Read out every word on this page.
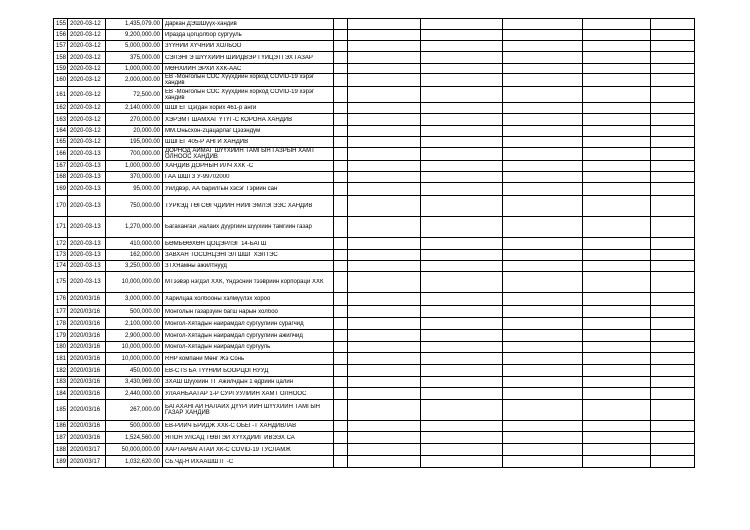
155	2020-03-12	1,435,079.00	Даркан ДЭШШүүх-хандив						

156	2020-03-12	9,200,000.00	Иразда цогцолбор сургууль						

157	2020-03-12	5,000,000.00	ЗҮҮНИЙ ХҮЧНИЙ ХОЛБОО						

158	2020-03-12	375,000.00	СЭЛЭНГЭ ШҮҮХИЙН ШИЙДВЭР ГҮЙЦЭТГЭХ ГАЗАР						

159	2020-03-12	1,000,000.00	МӨНХИЙН ЭРХИ ХХК-ААС						

160	2020-03-12	2,000,000.00	ЕВ -Монголын СОС Хүүхдийн хоркод COVID-19 хэрэг хандив						

161	2020-03-12	72,500.00	ЕВ -Монголын СОС Хүүхдийн хоркод COVID-19 хэрэг хандив						

162	2020-03-12	2,140,000.00	ШШГЕГ Цэгдан хорих 461-р анги						

163	2020-03-12	270,000.00	ХЭРЭМТ ШАМХАГ ҮТҮГ-С КОРОНА ХАНДИВ						

164	2020-03-12	20,000.00	ММ.Оньсхон-2цацарлаг Цэзэндүм						

165	2020-03-12	195,000.00	ШШГЕГ 405-Р АНГИ ХАНДИВ						

166	2020-03-13	700,000.00	ДОРНОД АЙМАГ ШҮҮХИЙН ТАМГЫН ГАЗРЫН ХАМТ ОЛНООС ХАНДИВ						

167	2020-03-13	1,000,000.00	ХАНДИВ ДОРНЫН ИЛЧ ХХК -С						

168	2020-03-13	370,000.00	ГАА ШШГЗ У-99702000						

169	2020-03-13	95,000.00	Уйлдвэр, АА барилгын хэсэг Тэрийн сан						

170	2020-03-13	750,000.00	ТУРКЭД ТӨГСӨГЧДИЙН НИЙГЭМЛЭГЭЭС ХАНДИВ						

171	2020-03-13	1,270,000.00	Багахангай ,налайх дүүргийн шүүхийн тамгийн газар						

172	2020-03-13	410,000.00	БӨМБӨӨХӨН ЦОЦЭРЛЭГ 14-БАГШ						

173	2020-03-13	162,000.00	ЗАВХАН ТОСОНЦЭНГЭЛ ШШГ ХЭЛТЭС						

174	2020-03-13	3,250,000.00	ЗТХЯамны ажилтнууд						

175	2020-03-13	10,000,000.00	МТээвэр нэгдэл ХХК, Үндэсний тээврийн корпораци ХХК						

176	2020/03/16	3,000,000.00	Харилцаа холбооны хэлмүүлэх хороо						

177	2020/03/16	500,000.00	Монголын газарзүйн багш нарын холбоо						

178	2020/03/16	2,100,000.00	Монгол-Хятадын найрамдал сургуулийн сурагчид						

179	2020/03/16	2,900,000.00	Монгол-Хятадын найрамдал сургуулийн ажилчид						

180	2020/03/16	10,000,000.00	Монгол-Хятадын найрамдал сургууль						

181	2020/03/16	10,000,000.00	RHP компани Мөнг Жэ Сонь						

182	2020/03/16	450,000.00	ЕВ-CTS БА ТҮҮНИЙ БООРЦОГНУУД						

183	2020/03/16	3,430,969.00	ЗХАШ Шүүхийн ТГ Ажилчдын 1 өдрийн цалин						

184	2020/03/16	2,440,000.00	УЛААНБААТАР 1-Р СУРГУУЛИЙН ХАМТ ОЛНООС						

185	2020/03/16	267,000.00	БАГАХАНГАЙ НАЛАЙХ ДҮҮРГИЙН ШҮҮХИЙН ТАМГЫН ГАЗАР ХАНДИВ						

186	2020/03/16	500,000.00	ЕВ-РИЙЧ БРИДЖ ХХК-С ОБЕГ-Т ХАНДИВЛАВ						

187	2020/03/16	1,524,560.00	ЯПОН УЛСАД ТӨВТЭЙ ХҮҮХДИЙГ ИВЭЭХ СА						

188	2020/03/17	50,000,000.00	ХАРТАРВАГАТАЙ ХК-С COVID-19 ТУСЛАМЖ						

189	2020/03/17	1,032,620.00	СБ.ЧД-Н ИХААШШТГ -С						
